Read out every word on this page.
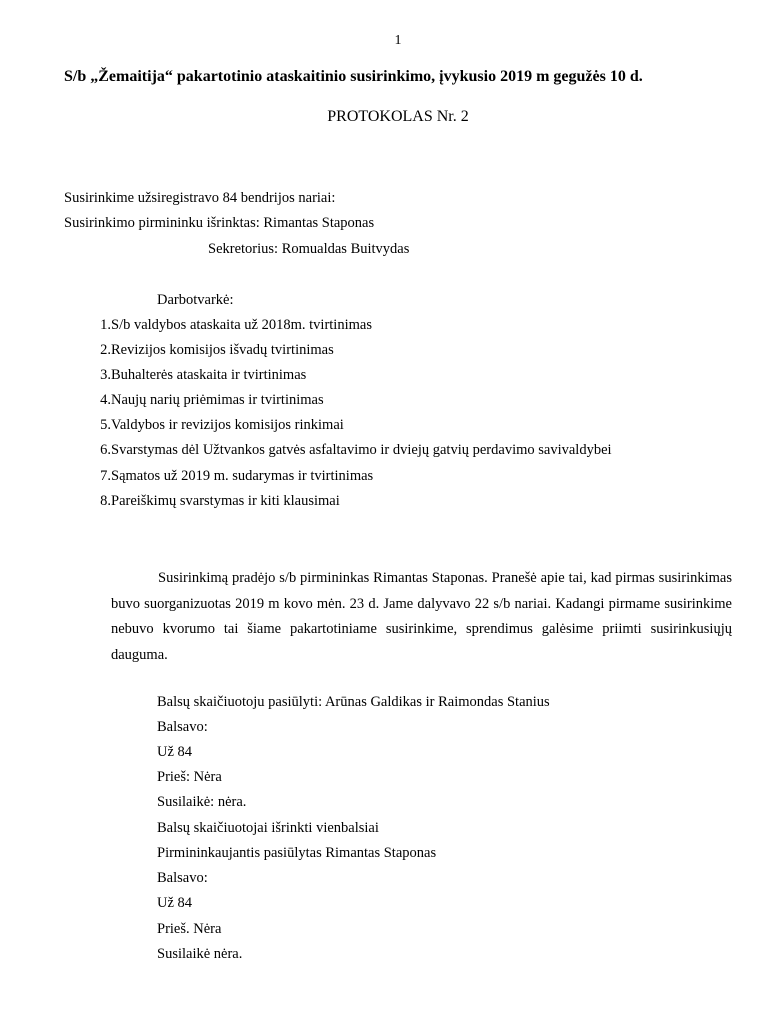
1
S/b „Žemaitija“ pakartotinio ataskaitinio susirinkimo, įvykusio 2019 m gegužės 10 d.
PROTOKOLAS Nr. 2
Susirinkime užsiregistravo 84 bendrijos nariai:
Susirinkimo pirmininku išrinktas: Rimantas Staponas
Sekretorius: Romualdas Buitvydas
Darbotvarkė:
1. S/b valdybos ataskaita už 2018m. tvirtinimas
2. Revizijos komisijos išvadų tvirtinimas
3. Buhalterės ataskaita ir tvirtinimas
4. Naujų narių priėmimas ir tvirtinimas
5. Valdybos ir revizijos komisijos rinkimai
6. Svarstymas dėl Užtvankos gatvės asfaltavimo ir dviejų gatvių perdavimo savivaldybei
7. Sąmatos už 2019 m. sudarymas ir tvirtinimas
8. Pareiškimų svarstymas ir kiti klausimai
Susirinkimą pradėjo s/b pirmininkas Rimantas Staponas. Pranešė apie tai, kad pirmas susirinkimas buvo suorganizuotas 2019 m kovo mėn. 23 d. Jame dalyvavo 22 s/b nariai. Kadangi pirmame susirinkime nebuvo kvorumo tai šiame pakartotiniame susirinkime, sprendimus galėsime priimti susirinkusiųjų dauguma.
Balsų skaičiuotoju pasiūlyti: Arūnas Galdikas ir Raimondas Stanius
Balsavo:
Už 84
Prieš: Nėra
Susilaikė: nėra.
Balsų skaičiuotojai išrinkti vienbalsiai
Pirmininkaujantis pasiūlytas Rimantas Staponas
Balsavo:
Už 84
Prieš. Nėra
Susilaikė nėra.
